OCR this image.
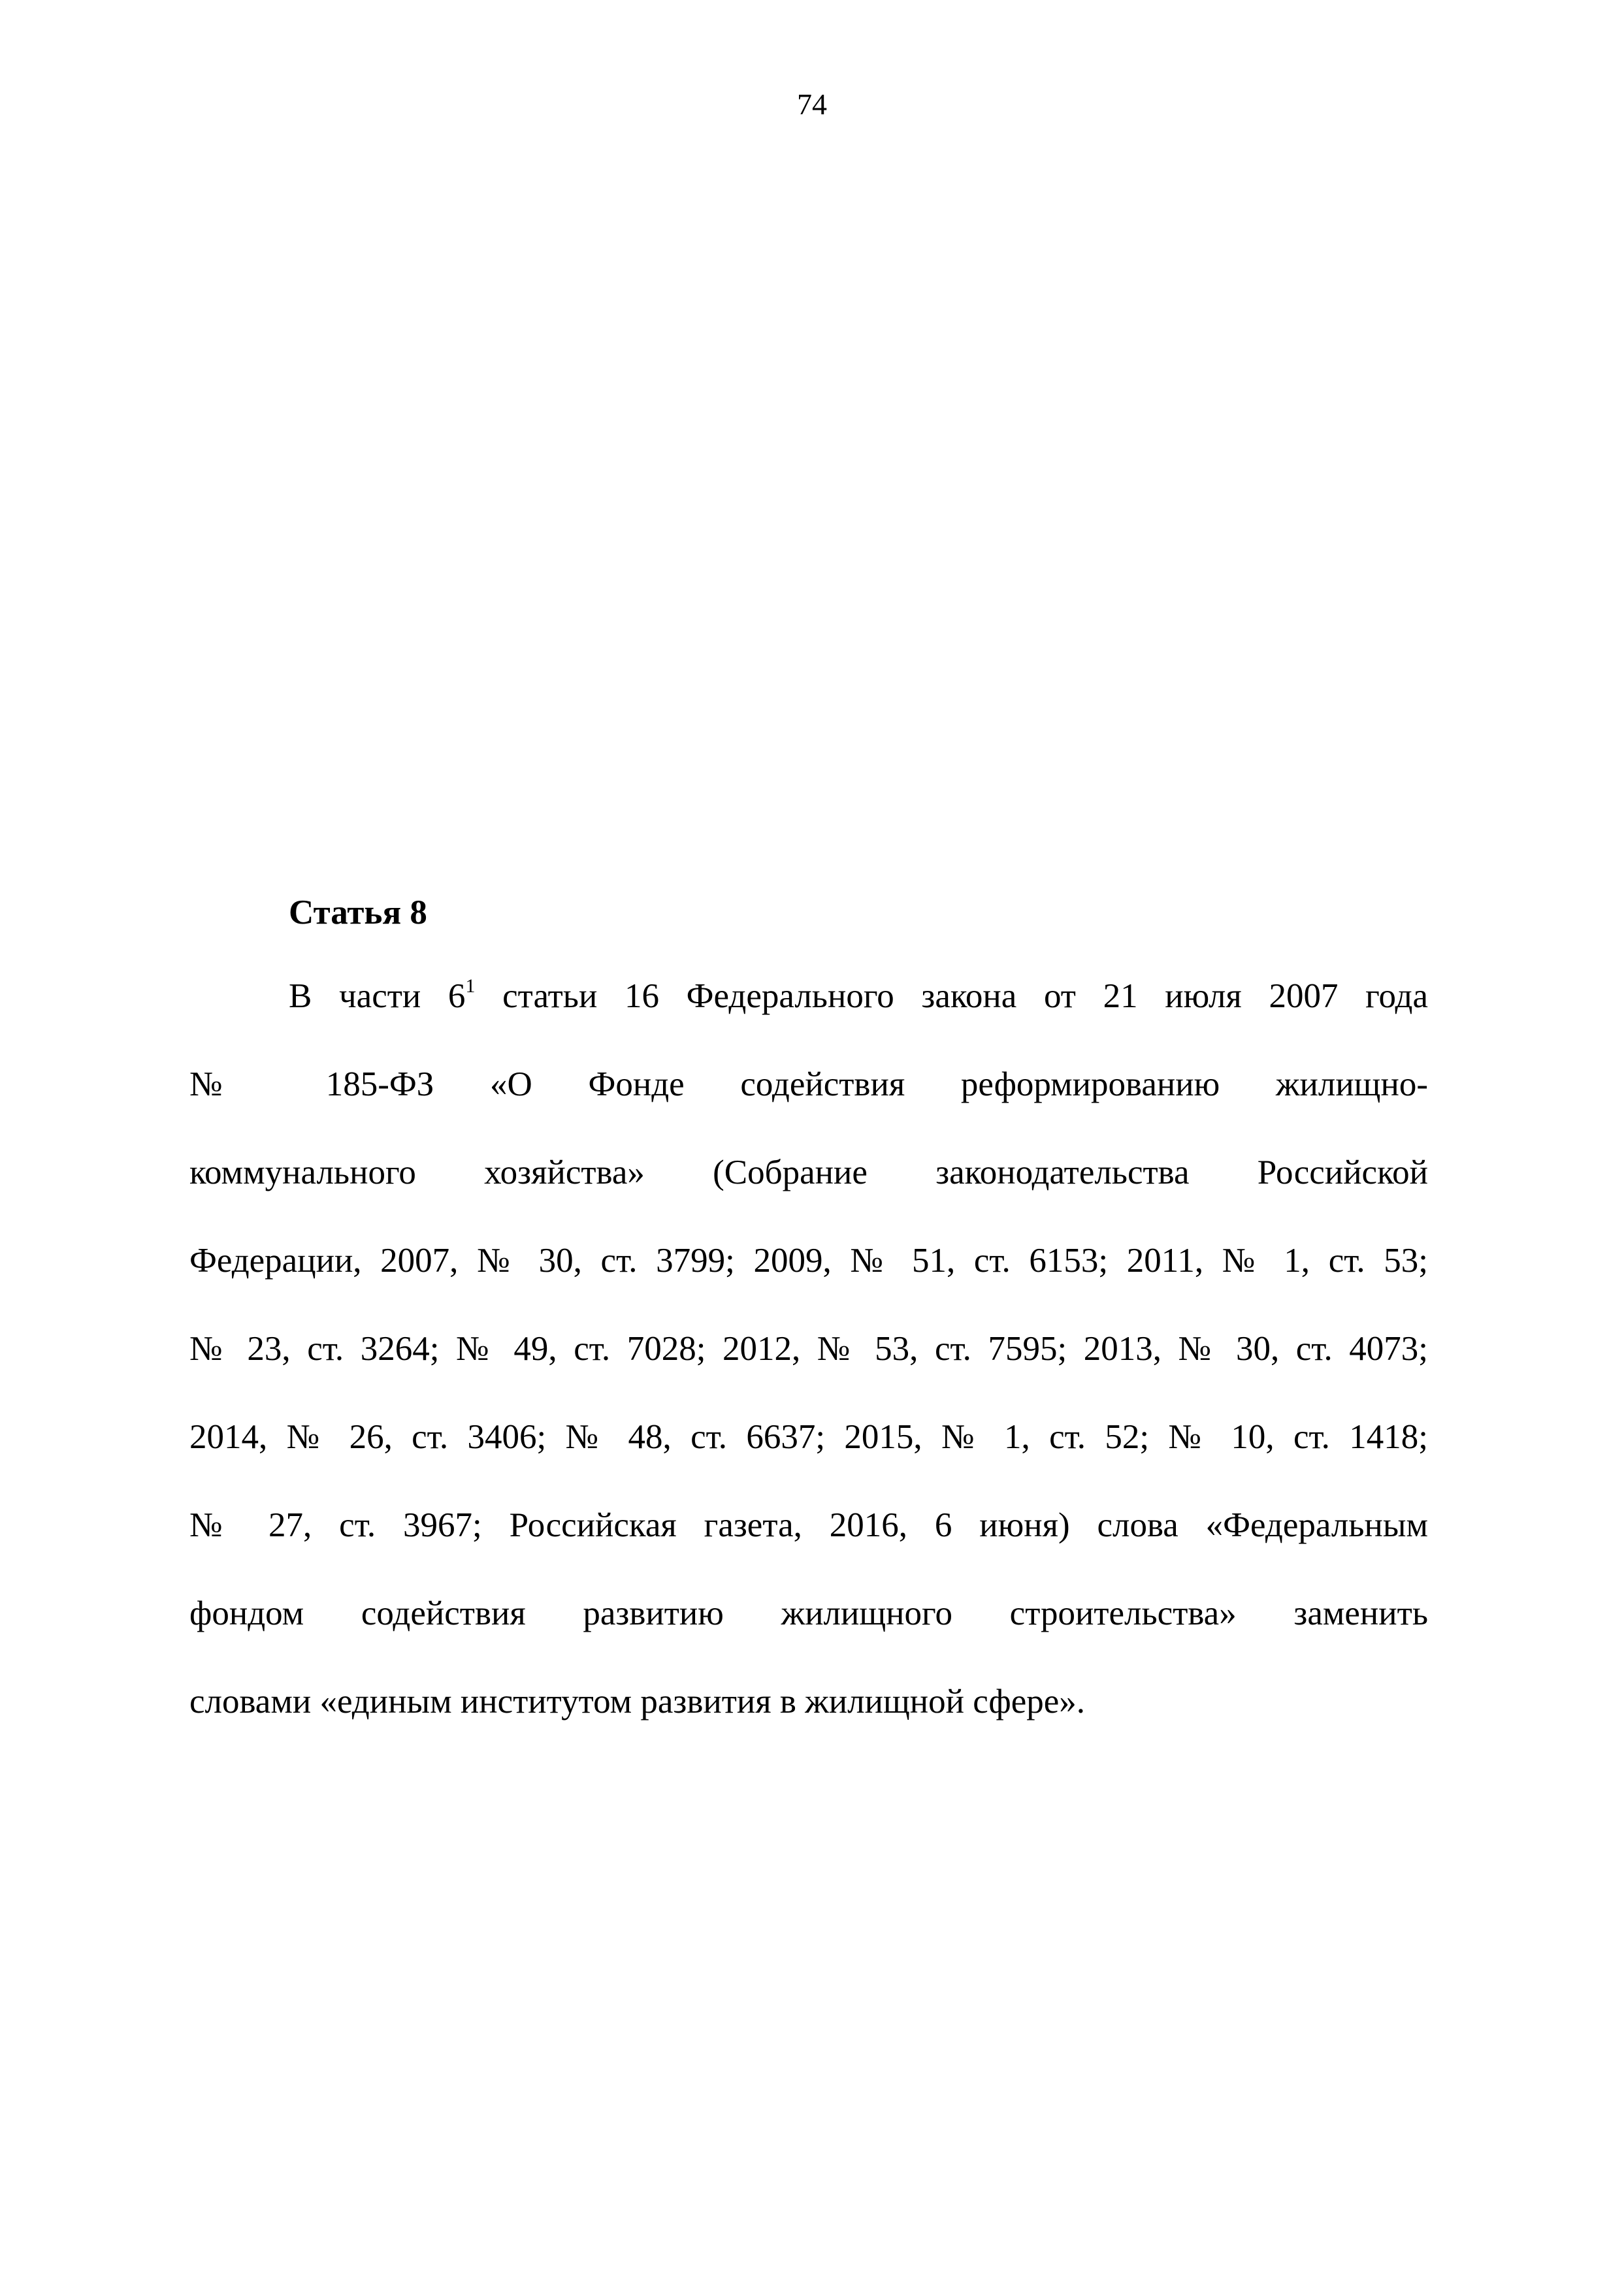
74
Статья 8
В части $6^1$ статьи 16 Федерального закона от 21 июля 2007 года
№ 185-ФЗ «О Фонде содействия реформированию жилищно-
коммунального хозяйства» (Собрание законодательства Российской
Федерации, 2007, № 30, ст. 3799; 2009, № 51, ст. 6153; 2011, № 1, ст. 53;
№ 23, ст. 3264; № 49, ст. 7028; 2012, № 53, ст. 7595; 2013, № 30, ст. 4073;
2014, № 26, ст. 3406; № 48, ст. 6637; 2015, № 1, ст. 52; № 10, ст. 1418;
№ 27, ст. 3967; Российская газета, 2016, 6 июня) слова «Федеральным
фондом содействия развитию жилищного строительства» заменить
словами «единым институтом развития в жилищной сфере».
